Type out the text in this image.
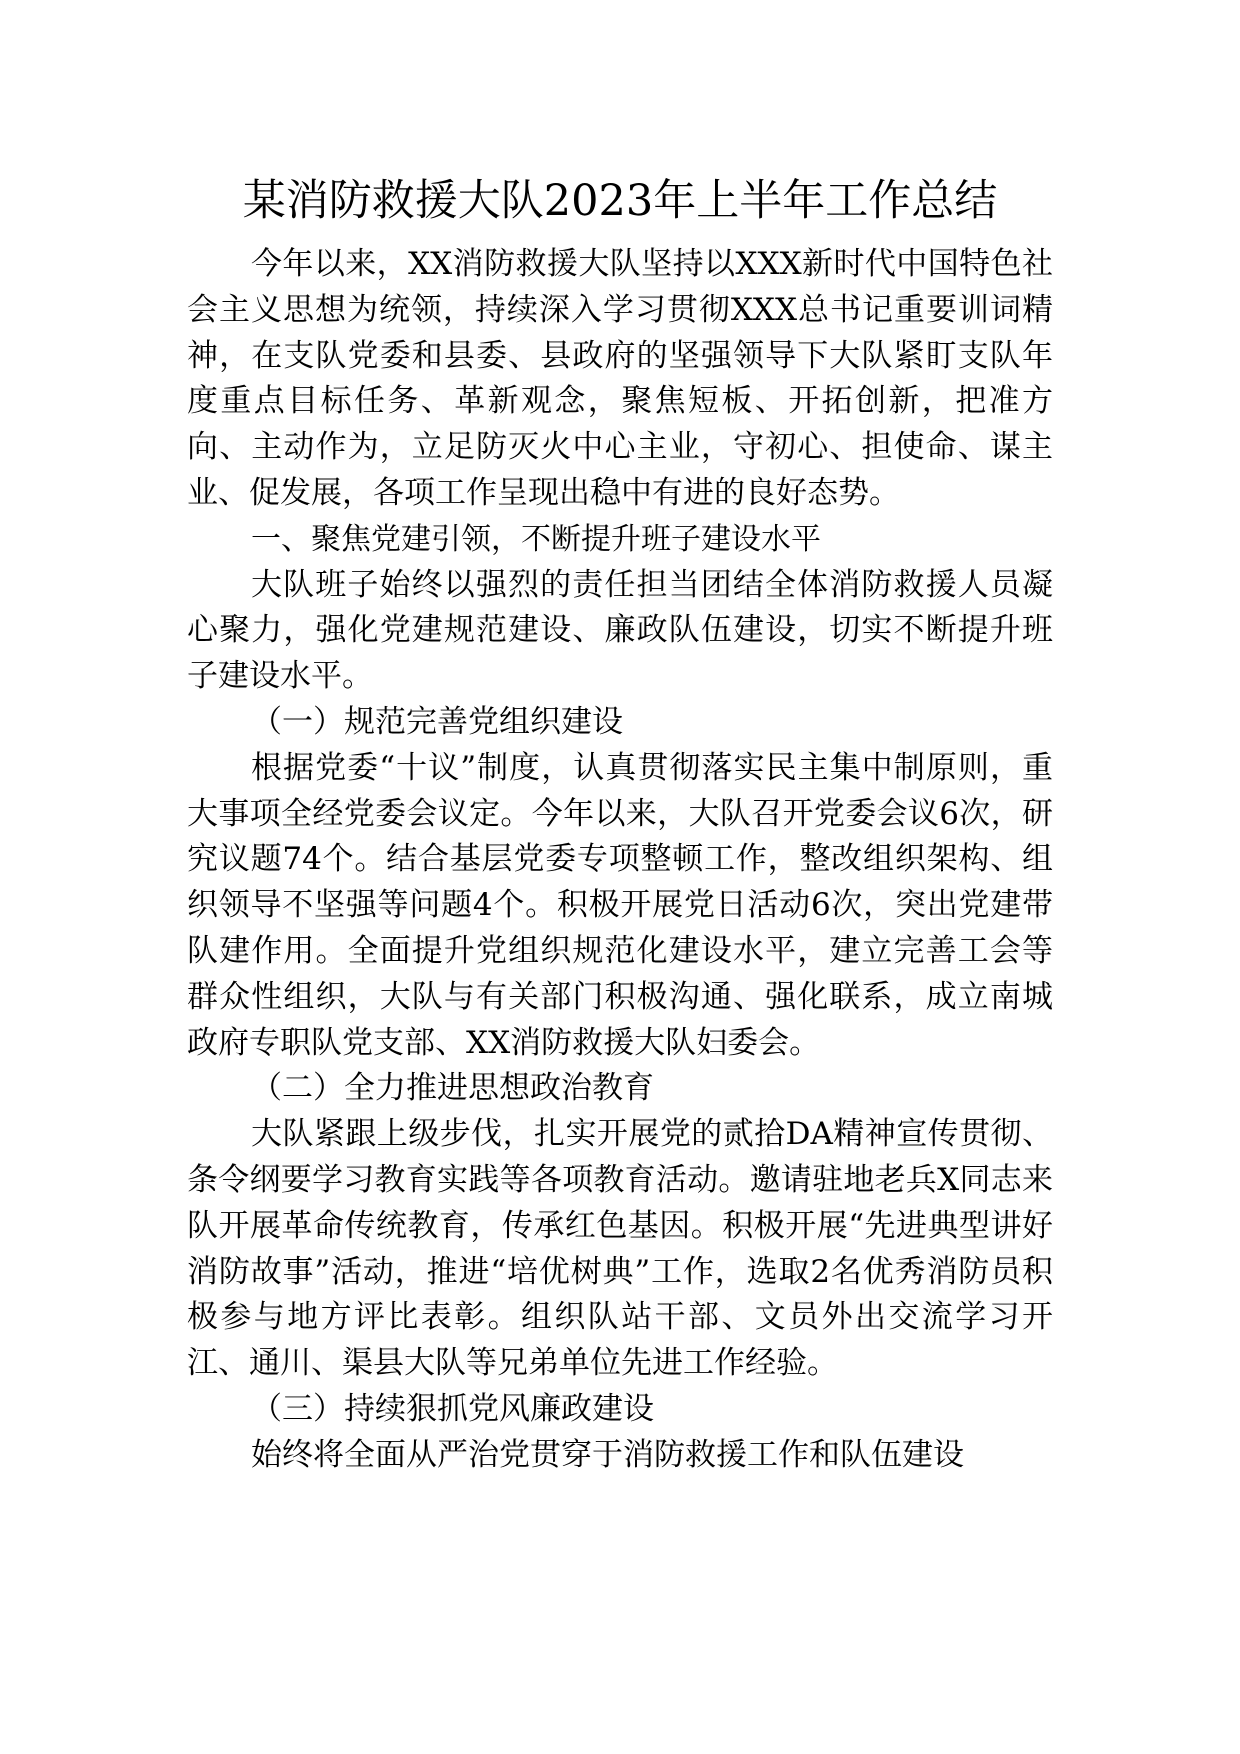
某消防救援大队2023年上半年工作总结

今年以来，XX消防救援大队坚持以XXX新时代中国特色社会主义思想为统领，持续深入学习贯彻XXX总书记重要训词精神，在支队党委和县委、县政府的坚强领导下大队紧盯支队年度重点目标任务、革新观念，聚焦短板、开拓创新，把准方向、主动作为，立足防灭火中心主业，守初心、担使命、谋主业、促发展，各项工作呈现出稳中有进的良好态势。

一、聚焦党建引领，不断提升班子建设水平

大队班子始终以强烈的责任担当团结全体消防救援人员凝心聚力，强化党建规范建设、廉政队伍建设，切实不断提升班子建设水平。

（一）规范完善党组织建设

根据党委“十议”制度，认真贯彻落实民主集中制原则，重大事项全经党委会议定。今年以来，大队召开党委会议6次，研究议题74个。结合基层党委专项整顿工作，整改组织架构、组织领导不坚强等问题4个。积极开展党日活动6次，突出党建带队建作用。全面提升党组织规范化建设水平，建立完善工会等群众性组织，大队与有关部门积极沟通、强化联系，成立南城政府专职队党支部、XX消防救援大队妇委会。

（二）全力推进思想政治教育

大队紧跟上级步伐，扎实开展党的贰拾DA精神宣传贯彻、条令纲要学习教育实践等各项教育活动。邀请驻地老兵X同志来队开展革命传统教育，传承红色基因。积极开展“先进典型讲好消防故事”活动，推进“培优树典”工作，选取2名优秀消防员积极参与地方评比表彰。组织队站干部、文员外出交流学习开江、通川、渠县大队等兄弟单位先进工作经验。

（三）持续狠抓党风廉政建设

始终将全面从严治党贯穿于消防救援工作和队伍建设
